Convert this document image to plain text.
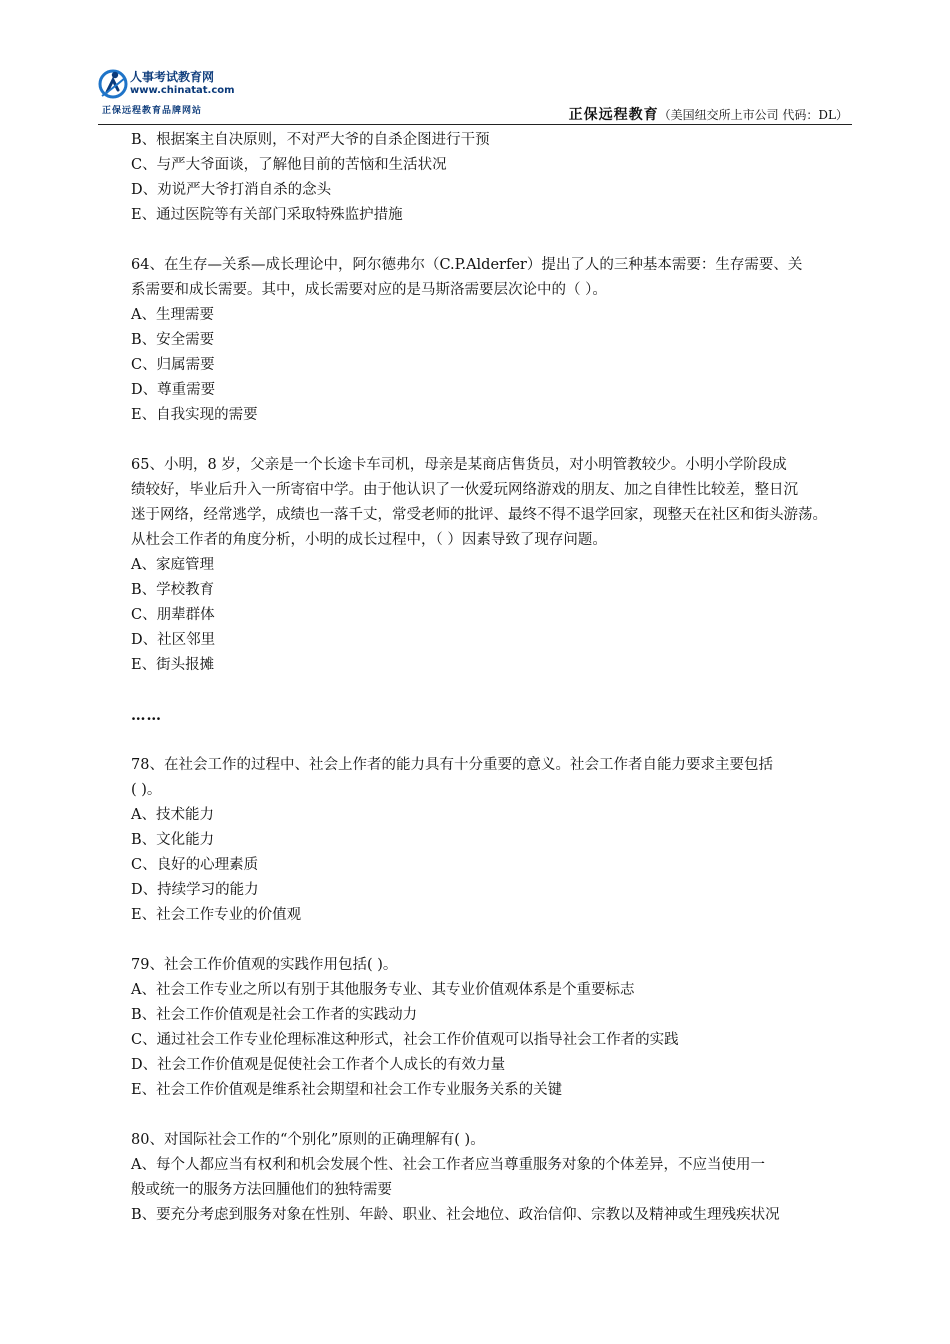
人事考试教育网
www.chinatat.com
正保远程教育品牌网站	正保远程教育（美国纽交所上市公司 代码：DL）

B、根据案主自决原则，不对严大爷的自杀企图进行干预

C、与严大爷面谈，了解他目前的苦恼和生活状况

D、劝说严大爷打消自杀的念头

E、通过医院等有关部门采取特殊监护措施

64、在生存—关系—成长理论中，阿尔德弗尔（C.P.Alderfer）提出了人的三种基本需要：生存需要、关

系需要和成长需要。其中，成长需要对应的是马斯洛需要层次论中的（ ）。

A、生理需要

B、安全需要

C、归属需要

D、尊重需要

E、自我实现的需要

65、小明，8 岁，父亲是一个长途卡车司机，母亲是某商店售货员，对小明管教较少。小明小学阶段成

绩较好，毕业后升入一所寄宿中学。由于他认识了一伙爱玩网络游戏的朋友、加之自律性比较差，整日沉

迷于网络，经常逃学，成绩也一落千丈，常受老师的批评、最终不得不退学回家，现整天在社区和街头游荡。

从杜会工作者的角度分析，小明的成长过程中，（ ）因素导致了现存问题。

A、家庭管理

B、学校教育

C、朋辈群体

D、社区邻里

E、街头报摊

……

78、在社会工作的过程中、社会上作者的能力具有十分重要的意义。社会工作者自能力要求主要包括

( )。

A、技术能力

B、文化能力

C、良好的心理素质

D、持续学习的能力

E、社会工作专业的价值观

79、社会工作价值观的实践作用包括( )。

A、社会工作专业之所以有别于其他服务专业、其专业价值观体系是个重要标志

B、社会工作价值观是社会工作者的实践动力

C、通过社会工作专业伦理标准这种形式，社会工作价值观可以指导社会工作者的实践

D、社会工作价值观是促使社会工作者个人成长的有效力量

E、社会工作价值观是维系社会期望和社会工作专业服务关系的关键

80、对国际社会工作的“个别化”原则的正确理解有( )。

A、每个人都应当有权利和机会发展个性、社会工作者应当尊重服务对象的个体差异，不应当使用一

般或统一的服务方法回腫他们的独特需要

B、要充分考虑到服务对象在性别、年龄、职业、社会地位、政治信仰、宗教以及精神或生理残疾状况
